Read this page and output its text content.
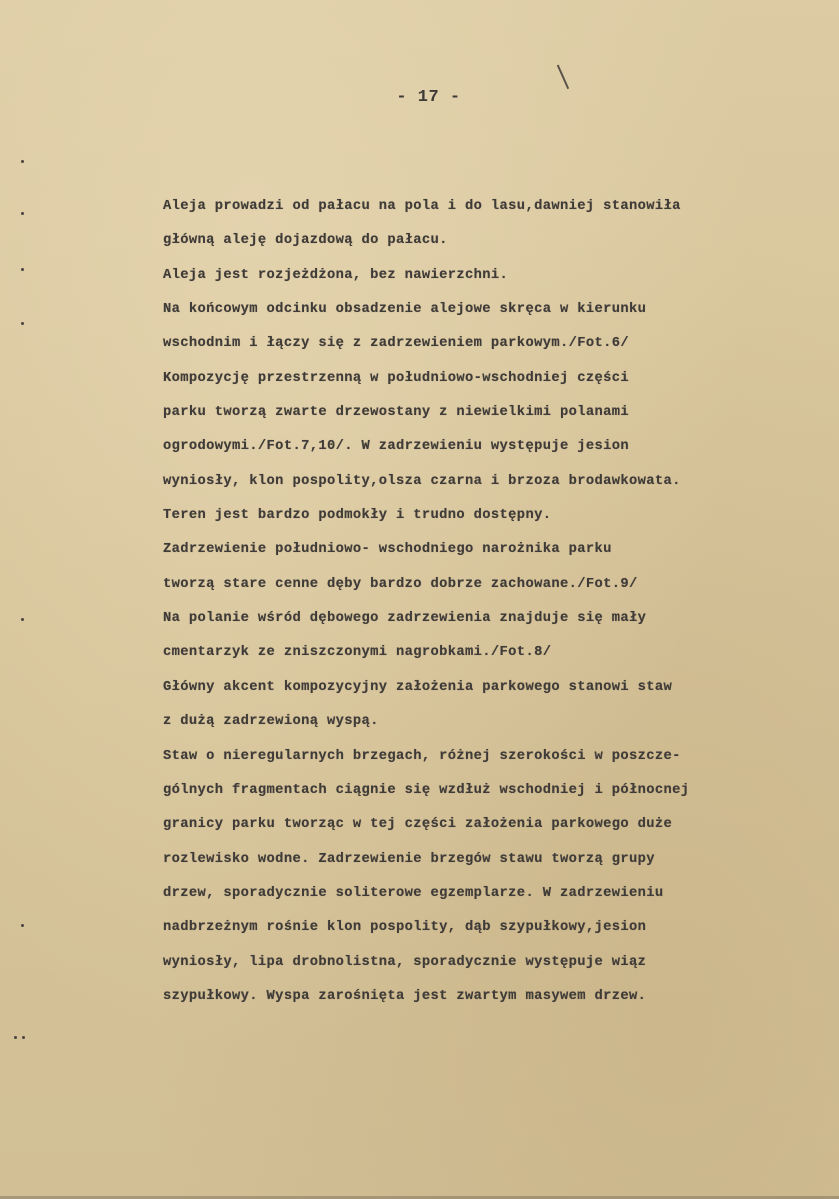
- 17 -
Aleja prowadzi od pałacu na pola i do lasu,dawniej stanowiła
główną aleję dojazdową do pałacu.
Aleja jest rozjeżdżona, bez nawierzchni.
Na końcowym odcinku obsadzenie alejowe skręca w kierunku
wschodnim i łączy się z zadrzewieniem parkowym./Fot.6/
Kompozycję przestrzenną w południowo-wschodniej części
parku tworzą zwarte drzewostany z niewielkimi polanami
ogrodowymi./Fot.7,10/. W zadrzewieniu występuje jesion
wyniosły, klon pospolity,olsza czarna i brzoza brodawkowata.
Teren jest bardzo podmokły i trudno dostępny.
Zadrzewienie południowo- wschodniego narożnika parku
tworzą stare cenne dęby bardzo dobrze zachowane./Fot.9/
Na polanie wśród dębowego zadrzewienia znajduje się mały
cmentarzyk ze zniszczonymi nagrobkami./Fot.8/
Główny akcent kompozycyjny założenia parkowego stanowi staw
z dużą zadrzewioną wyspą.
Staw o nieregularnych brzegach, różnej szerokości w poszcze-
gólnych fragmentach ciągnie się wzdłuż wschodniej i północnej
granicy parku tworząc w tej części założenia parkowego duże
rozlewisko wodne. Zadrzewienie brzegów stawu tworzą grupy
drzew, sporadycznie soliterowe egzemplarze. W zadrzewieniu
nadbrzeżnym rośnie klon pospolity, dąb szypułkowy,jesion
wyniosły, lipa drobnolistna, sporadycznie występuje wiąz
szypułkowy. Wyspa zarośnięta jest zwartym masywem drzew.
